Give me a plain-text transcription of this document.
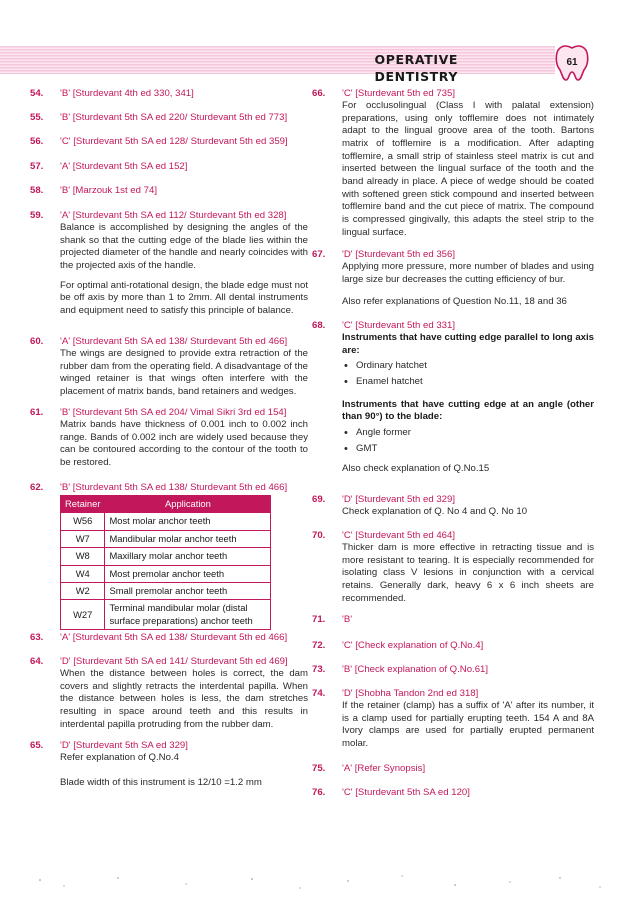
OPERATIVE DENTISTRY
61
54. 'B' [Sturdevant 4th ed 330, 341]
55. 'B' [Sturdevant 5th SA ed 220/ Sturdevant 5th ed 773]
56. 'C' [Sturdevant 5th SA ed 128/ Sturdevant 5th ed 359]
57. 'A' [Sturdevant 5th SA ed 152]
58. 'B' [Marzouk 1st ed 74]
59. 'A' [Sturdevant 5th SA ed 112/ Sturdevant 5th ed 328]

Balance is accomplished by designing the angles of the shank so that the cutting edge of the blade lies within the projected diameter of the handle and nearly coincides with the projected axis of the handle.

For optimal anti-rotational design, the blade edge must not be off axis by more than 1 to 2mm. All dental instruments and equipment need to satisfy this principle of balance.

60. 'A' [Sturdevant 5th SA ed 138/ Sturdevant 5th ed 466]

The wings are designed to provide extra retraction of the rubber dam from the operating field. A disadvantage of the winged retainer is that wings often interfere with the placement of matrix bands, band retainers and wedges.

61. 'B' [Sturdevant 5th SA ed 204/ Vimal Sikri 3rd ed 154]

Matrix bands have thickness of 0.001 inch to 0.002 inch range. Bands of 0.002 inch are widely used because they can be contoured according to the contour of the tooth to be restored.

62. 'B' [Sturdevant 5th SA ed 138/ Sturdevant 5th ed 466]
Retainer	Application
W56	Most molar anchor teeth
W7	Mandibular molar anchor teeth
W8	Maxillary molar anchor teeth
W4	Most premolar anchor teeth
W2	Small premolar anchor teeth
W27	Terminal mandibular molar (distal surface preparations) anchor teeth
63. 'A' [Sturdevant 5th SA ed 138/ Sturdevant 5th ed 466]
64. 'D' [Sturdevant 5th SA ed 141/ Sturdevant 5th ed 469]

When the distance between holes is correct, the dam covers and slightly retracts the interdental papilla. When the distance between holes is less, the dam stretches resulting in space around teeth and this results in interdental papilla protruding from the rubber dam.

65. 'D' [Sturdevant 5th SA ed 329]

Refer explanation of Q.No.4

Blade width of this instrument is 12/10 =1.2 mm

66. 'C' [Sturdevant 5th ed 735]

For occlusolingual (Class I with palatal extension) preparations, using only tofflemire does not intimately adapt to the lingual groove area of the tooth. Bartons matrix of tofflemire is a modification. After adapting tofflemire, a small strip of stainless steel matrix is cut and inserted between the lingual surface of the tooth and the band already in place. A piece of wedge should be coated with softened green stick compound and inserted between tofflemire band and the cut piece of matrix. The compound is compressed gingivally, this adapts the steel strip to the lingual surface.

67. 'D' [Sturdevant 5th ed 356]

Applying more pressure, more number of blades and using large size bur decreases the cutting efficiency of bur.

Also refer explanations of Question No.11, 18 and 36

68. 'C' [Sturdevant 5th ed 331]

Instruments that have cutting edge parallel to long axis are:

• Ordinary hatchet
• Enamel hatchet

Instruments that have cutting edge at an angle (other than 90°) to the blade:

• Angle former
• GMT

Also check explanation of Q.No.15

69. 'D' [Sturdevant 5th ed 329]

Check explanation of Q. No 4 and Q. No 10

70. 'C' [Sturdevant 5th ed 464]

Thicker dam is more effective in retracting tissue and is more resistant to tearing. It is especially recommended for isolating class V lesions in conjunction with a cervical retains. Generally dark, heavy 6 x 6 inch sheets are recommended.

71. 'B'
72. 'C' [Check explanation of Q.No.4]
73. 'B' [Check explanation of Q.No.61]
74. 'D' [Shobha Tandon 2nd ed 318]

If the retainer (clamp) has a suffix of 'A' after its number, it is a clamp used for partially erupting teeth. 154 A and 8A Ivory clamps are used for partially erupted permanent molar.

75. 'A' [Refer Synopsis]
76. 'C' [Sturdevant 5th SA ed 120]
